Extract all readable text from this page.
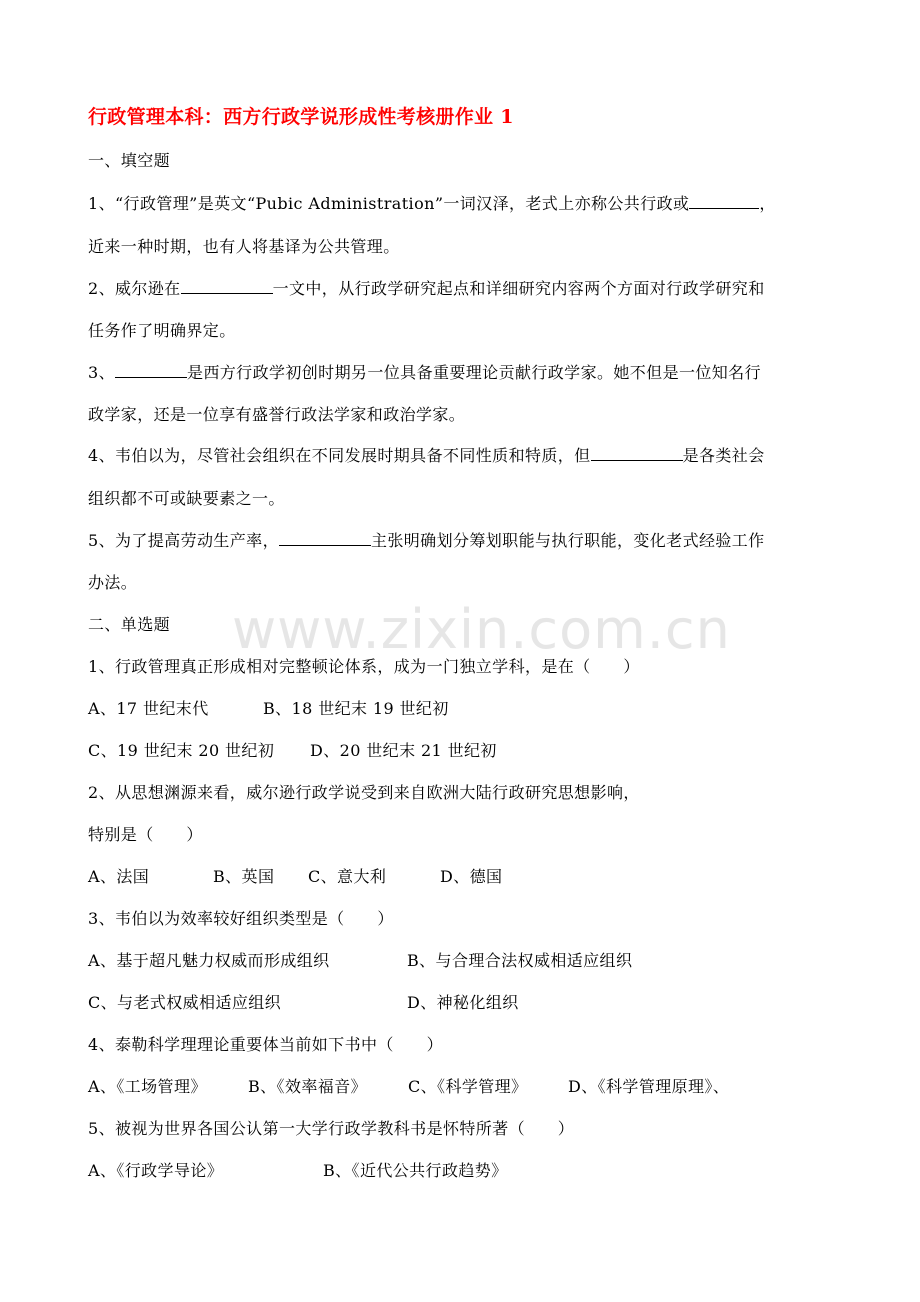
www.zixin.com.cn
行政管理本科：西方行政学说形成性考核册作业 1
一、填空题
1、“行政管理”是英文“Pubic Administration”一词汉泽，老式上亦称公共行政或	，
近来一种时期，也有人将基译为公共管理。
2、威尔逊在	一文中，从行政学研究起点和详细研究内容两个方面对行政学研究和
任务作了明确界定。
3、	是西方行政学初创时期另一位具备重要理论贡献行政学家。她不但是一位知名行
政学家，还是一位享有盛誉行政法学家和政治学家。
4、韦伯以为，尽管社会组织在不同发展时期具备不同性质和特质，但	是各类社会
组织都不可或缺要素之一。
5、为了提高劳动生产率，	主张明确划分筹划职能与执行职能，变化老式经验工作
办法。
二、单选题
1、行政管理真正形成相对完整顿论体系，成为一门独立学科，是在（　　）
A、17 世纪末代	B、18 世纪末 19 世纪初
C、19 世纪末 20 世纪初 D、20 世纪末 21 世纪初
2、从思想渊源来看，威尔逊行政学说受到来自欧洲大陆行政研究思想影响，
特别是（　　）
A、法国	B、英国 C、意大利	D、德国
3、韦伯以为效率较好组织类型是（　　）
A、基于超凡魅力权威而形成组织	B、与合理合法权威相适应组织
C、与老式权威相适应组织	D、神秘化组织
4、泰勒科学理理论重要体当前如下书中（　　）
A、《工场管理》	B、《效率福音》	C、《科学管理》	D、《科学管理原理》、
5、被视为世界各国公认第一大学行政学教科书是怀特所著（　　）
A、《行政学导论》	B、《近代公共行政趋势》
